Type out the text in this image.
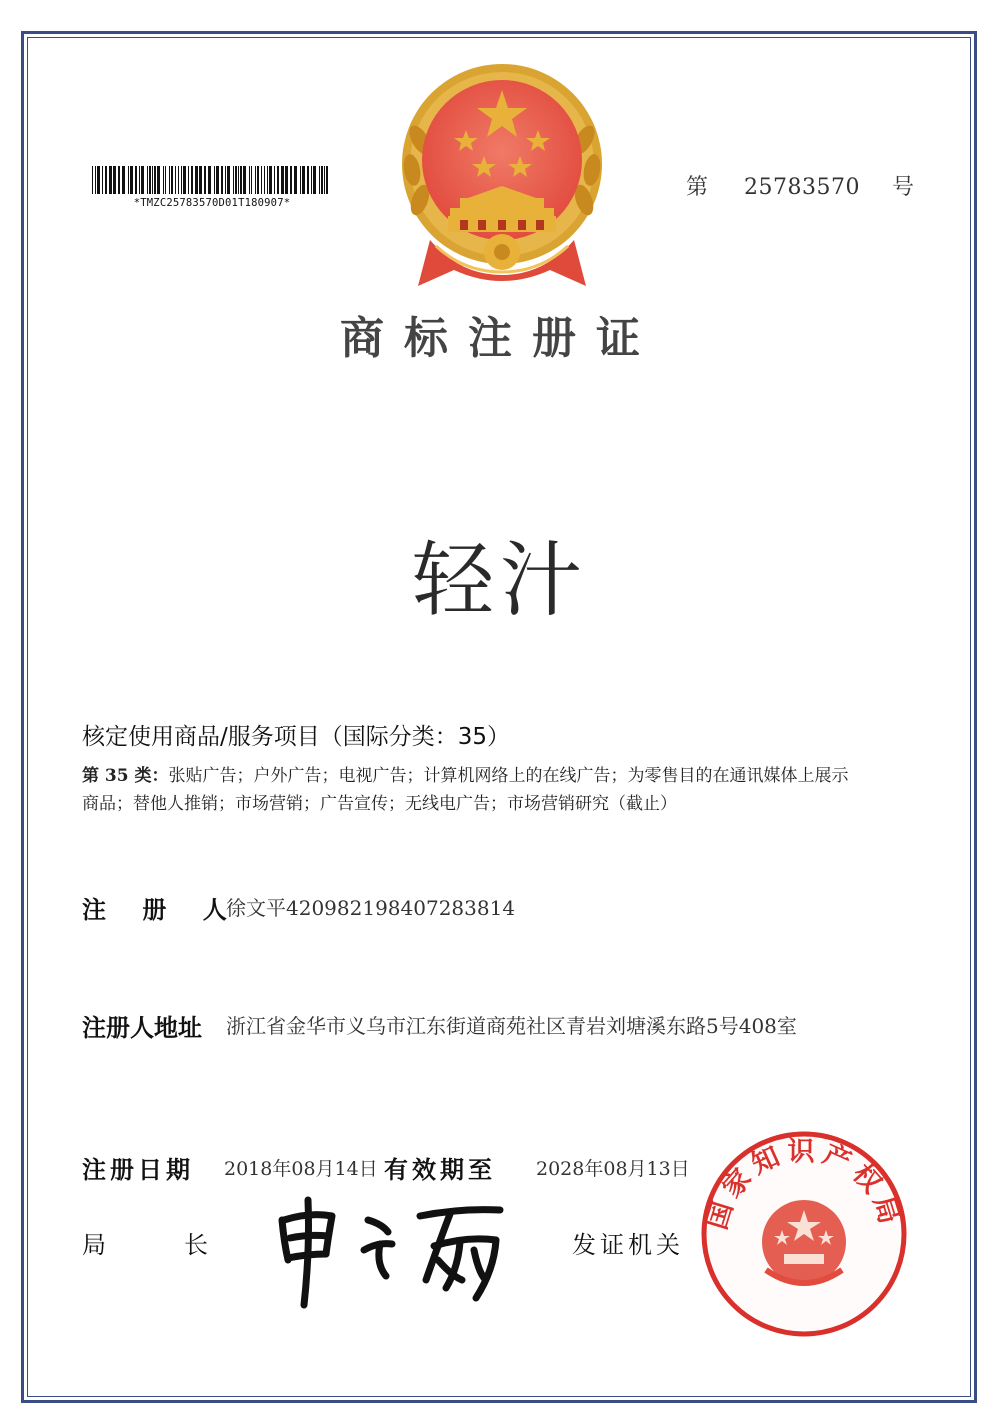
*TMZC25783570D01T180907*
第 25783570 号
商标注册证
轻汁
核定使用商品/服务项目（国际分类：35）
第 35 类：张贴广告；户外广告；电视广告；计算机网络上的在线广告；为零售目的在通讯媒体上展示
商品；替他人推销；市场营销；广告宣传；无线电广告；市场营销研究（截止）
注 册 人
徐文平420982198407283814
注册人地址 浙江省金华市义乌市江东街道商苑社区青岩刘塘溪东路5号408室
注册日期 2018年08月14日 有效期至 2028年08月13日
局　　长	发证机关
国家知识产权局
